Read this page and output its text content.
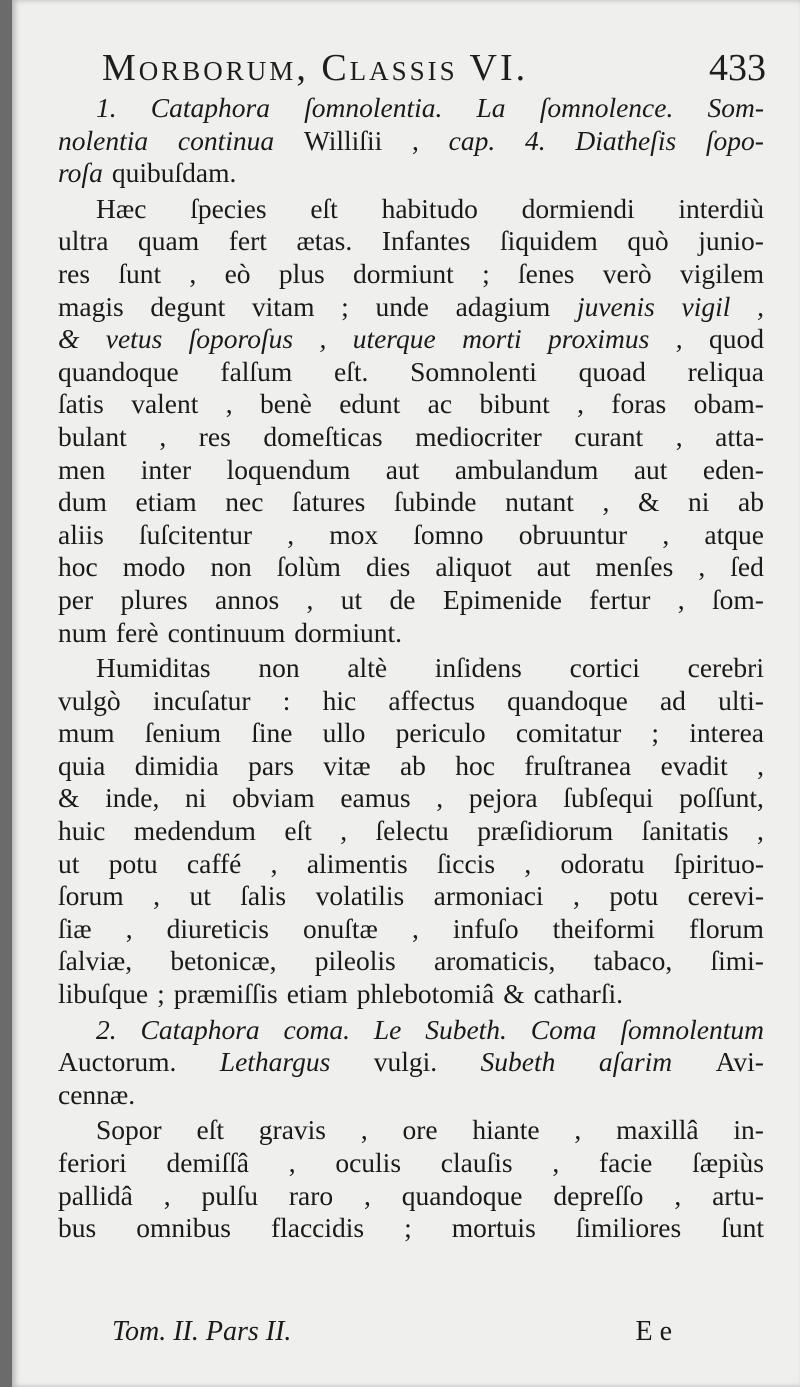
Morborum, Classis VI.	433
1. Cataphora ſomnolentia. La ſomnolence. Som-
nolentia continua Williſii , cap. 4. Diatheſis ſopo-
roſa quibuſdam.
Hæc ſpecies eſt habitudo dormiendi interdiù
ultra quam fert ætas. Infantes ſiquidem quò junio-
res ſunt , eò plus dormiunt ; ſenes verò vigilem
magis degunt vitam ; unde adagium juvenis vigil ,
& vetus ſoporoſus , uterque morti proximus , quod
quandoque falſum eſt. Somnolenti quoad reliqua
ſatis valent , benè edunt ac bibunt , foras obam-
bulant , res domeſticas mediocriter curant , atta-
men inter loquendum aut ambulandum aut eden-
dum etiam nec ſatures ſubinde nutant , & ni ab
aliis ſuſcitentur , mox ſomno obruuntur , atque
hoc modo non ſolùm dies aliquot aut menſes , ſed
per plures annos , ut de Epimenide fertur , ſom-
num ferè continuum dormiunt.
Humiditas non altè inſidens cortici cerebri
vulgò incuſatur : hic affectus quandoque ad ulti-
mum ſenium ſine ullo periculo comitatur ; interea
quia dimidia pars vitæ ab hoc fruſtranea evadit ,
& inde, ni obviam eamus , pejora ſubſequi poſſunt,
huic medendum eſt , ſelectu præſidiorum ſanitatis ,
ut potu caffé , alimentis ſiccis , odoratu ſpirituo-
ſorum , ut ſalis volatilis armoniaci , potu cerevi-
ſiæ , diureticis onuſtæ , infuſo theiformi florum
ſalviæ, betonicæ, pileolis aromaticis, tabaco, ſimi-
libuſque ; præmiſſis etiam phlebotomiâ & catharſi.
2. Cataphora coma. Le Subeth. Coma ſomnolentum
Auctorum. Lethargus vulgi. Subeth aſarim Avi-
cennæ.
Sopor eſt gravis , ore hiante , maxillâ in-
feriori demiſſâ , oculis clauſis , facie ſæpiùs
pallidâ , pulſu raro , quandoque depreſſo , artu-
bus omnibus flaccidis ; mortuis ſimiliores ſunt
Tom. II. Pars II.	E e
